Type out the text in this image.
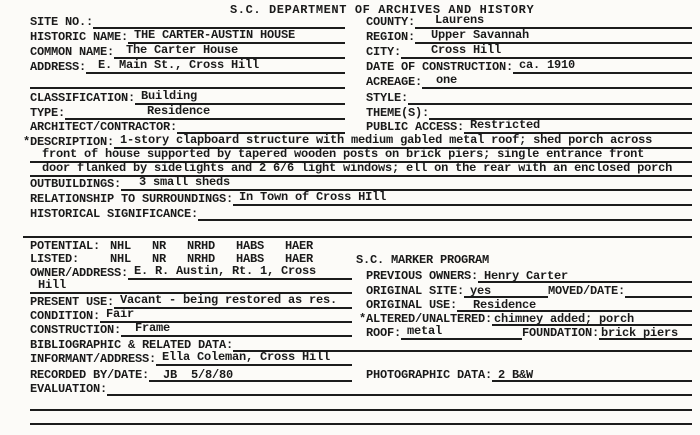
S.C. DEPARTMENT OF ARCHIVES AND HISTORY
SITE NO.:
HISTORIC NAME: THE CARTER-AUSTIN HOUSE
COMMON NAME:	The Carter House
ADDRESS:	E. Main St., Cross Hill
COUNTY:	Laurens
REGION:	Upper Savannah
CITY:	Cross Hill
DATE OF CONSTRUCTION: ca. 1910
ACREAGE:	one
CLASSIFICATION: Building	STYLE:
TYPE:	Residence	THEME(S):
ARCHITECT/CONTRACTOR:	PUBLIC ACCESS: Restricted
*DESCRIPTION: 1-story clapboard structure with medium gabled metal roof; shed porch across
front of house supported by tapered wooden posts on brick piers; single entrance front
door flanked by sidelights and 2 6/6 light windows; ell on the rear with an enclosed porch
OUTBUILDINGS:	3 small sheds
RELATIONSHIP TO SURROUNDINGS: In Town of Cross HIll
HISTORICAL SIGNIFICANCE:
POTENTIAL: NHL   NR   NRHD   HABS   HAER
LISTED:	NHL   NR   NRHD   HABS   HAER	S.C. MARKER PROGRAM
OWNER/ADDRESS: E. R. Austin, Rt. 1, Cross	PREVIOUS OWNERS: Henry Carter
Hill	ORIGINAL SITE: yes	MOVED/DATE:
PRESENT USE: Vacant - being restored as res.	ORIGINAL USE:	Residence
CONDITION: Fair	*ALTERED/UNALTERED: chimney added; porch
CONSTRUCTION:	Frame	ROOF: metal	FOUNDATION: brick piers
BIBLIOGRAPHIC & RELATED DATA:
INFORMANT/ADDRESS: Ella Coleman, Cross Hill
RECORDED BY/DATE:	JB  5/8/80	PHOTOGRAPHIC DATA: 2 B&W
EVALUATION:
